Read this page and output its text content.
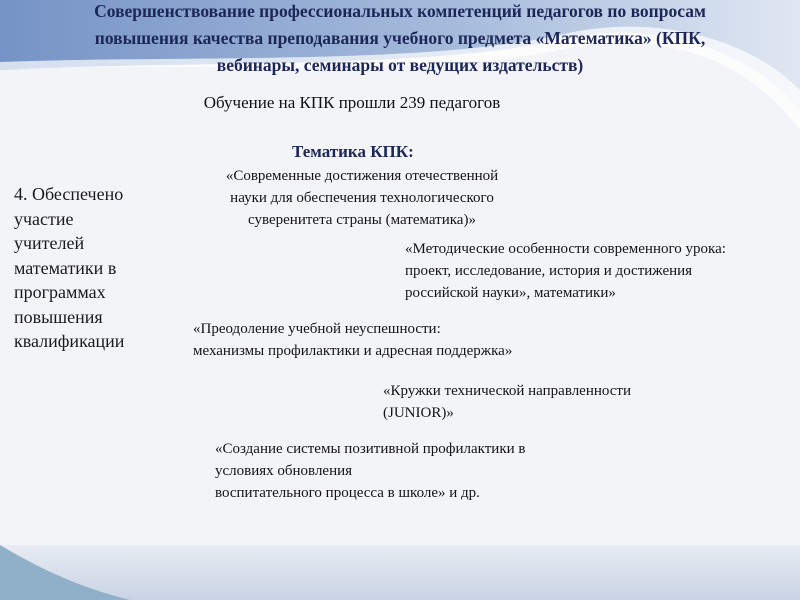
Совершенствование профессиональных компетенций педагогов по вопросам
повышения качества преподавания учебного предмета «Математика» (КПК,
вебинары, семинары от ведущих издательств)
Обучение на КПК прошли 239 педагогов
Тематика КПК:
4. Обеспечено
участие
учителей
математики в
программах
повышения
квалификации
«Современные достижения отечественной
науки для обеспечения технологического
суверенитета страны (математика)»
«Методические особенности современного урока:
проект, исследование, история и достижения
российской науки», математики»
«Преодоление учебной неуспешности:
механизмы профилактики и адресная поддержка»
«Кружки технической направленности
(JUNIOR)»
«Создание системы позитивной профилактики в
условиях обновления
воспитательного процесса в школе» и др.
